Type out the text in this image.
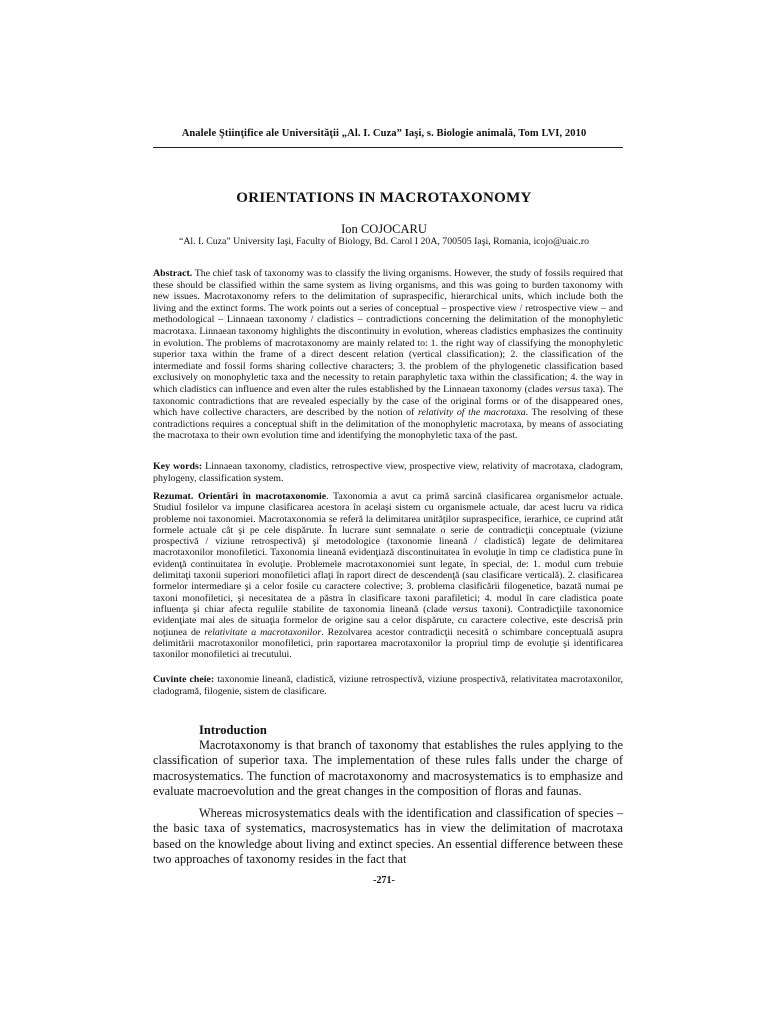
Analele Ştiinţifice ale Universităţii „Al. I. Cuza” Iaşi, s. Biologie animală, Tom LVI, 2010
ORIENTATIONS IN MACROTAXONOMY
Ion COJOCARU
“Al. I. Cuza” University Iaşi, Faculty of Biology, Bd. Carol I 20A, 700505 Iaşi, Romania, icojo@uaic.ro
Abstract. The chief task of taxonomy was to classify the living organisms. However, the study of fossils required that these should be classified within the same system as living organisms, and this was going to burden taxonomy with new issues. Macrotaxonomy refers to the delimitation of supraspecific, hierarchical units, which include both the living and the extinct forms. The work points out a series of conceptual – prospective view / retrospective view – and methodological – Linnaean taxonomy / cladistics – contradictions concerning the delimitation of the monophyletic macrotaxa. Linnaean taxonomy highlights the discontinuity in evolution, whereas cladistics emphasizes the continuity in evolution. The problems of macrotaxonomy are mainly related to: 1. the right way of classifying the monophyletic superior taxa within the frame of a direct descent relation (vertical classification); 2. the classification of the intermediate and fossil forms sharing collective characters; 3. the problem of the phylogenetic classification based exclusively on monophyletic taxa and the necessity to retain paraphyletic taxa within the classification; 4. the way in which cladistics can influence and even alter the rules established by the Linnaean taxonomy (clades versus taxa). The taxonomic contradictions that are revealed especially by the case of the original forms or of the disappeared ones, which have collective characters, are described by the notion of relativity of the macrotaxa. The resolving of these contradictions requires a conceptual shift in the delimitation of the monophyletic macrotaxa, by means of associating the macrotaxa to their own evolution time and identifying the monophyletic taxa of the past.
Key words: Linnaean taxonomy, cladistics, retrospective view, prospective view, relativity of macrotaxa, cladogram, phylogeny, classification system.
Rezumat. Orientări în macrotaxonomie. Taxonomia a avut ca primă sarcină clasificarea organismelor actuale. Studiul fosilelor va impune clasificarea acestora în acelaşi sistem cu organismele actuale, dar acest lucru va ridica probleme noi taxonomiei. Macrotaxonomia se referă la delimitarea unităţilor supraspecifice, ierarhice, ce cuprind atât formele actuale cât şi pe cele dispărute. În lucrare sunt semnalate o serie de contradicţii conceptuale (viziune prospectivă / viziune retrospectivă) şi metodologice (taxonomie lineană / cladistică) legate de delimitarea macrotaxonilor monofiletici. Taxonomia lineană evidenţiază discontinuitatea în evoluţie în timp ce cladistica pune în evidenţă continuitatea în evoluţie. Problemele macrotaxonomiei sunt legate, în special, de: 1. modul cum trebuie delimitaţi taxonii superiori monofiletici aflaţi în raport direct de descendenţă (sau clasificare verticală). 2. clasificarea formelor intermediare şi a celor fosile cu caractere colective; 3. problema clasificării filogenetice, bazată numai pe taxoni monofiletici, şi necesitatea de a păstra în clasificare taxoni parafiletici; 4. modul în care cladistica poate influenţa şi chiar afecta regulile stabilite de taxonomia lineană (clade versus taxoni). Contradicţiile taxonomice evidenţiate mai ales de situaţia formelor de origine sau a celor dispărute, cu caractere colective, este descrisă prin noţiunea de relativitate a macrotaxonilor. Rezolvarea acestor contradicţii necesită o schimbare conceptuală asupra delimitării macrotaxonilor monofiletici, prin raportarea macrotaxonilor la propriul timp de evoluţie şi identificarea taxonilor monofiletici ai trecutului.
Cuvinte cheie: taxonomie lineană, cladistică, viziune retrospectivă, viziune prospectivă, relativitatea macrotaxonilor, cladogramă, filogenie, sistem de clasificare.
Introduction
Macrotaxonomy is that branch of taxonomy that establishes the rules applying to the classification of superior taxa. The implementation of these rules falls under the charge of macrosystematics. The function of macrotaxonomy and macrosystematics is to emphasize and evaluate macroevolution and the great changes in the composition of floras and faunas.
Whereas microsystematics deals with the identification and classification of species – the basic taxa of systematics, macrosystematics has in view the delimitation of macrotaxa based on the knowledge about living and extinct species. An essential difference between these two approaches of taxonomy resides in the fact that
-271-
